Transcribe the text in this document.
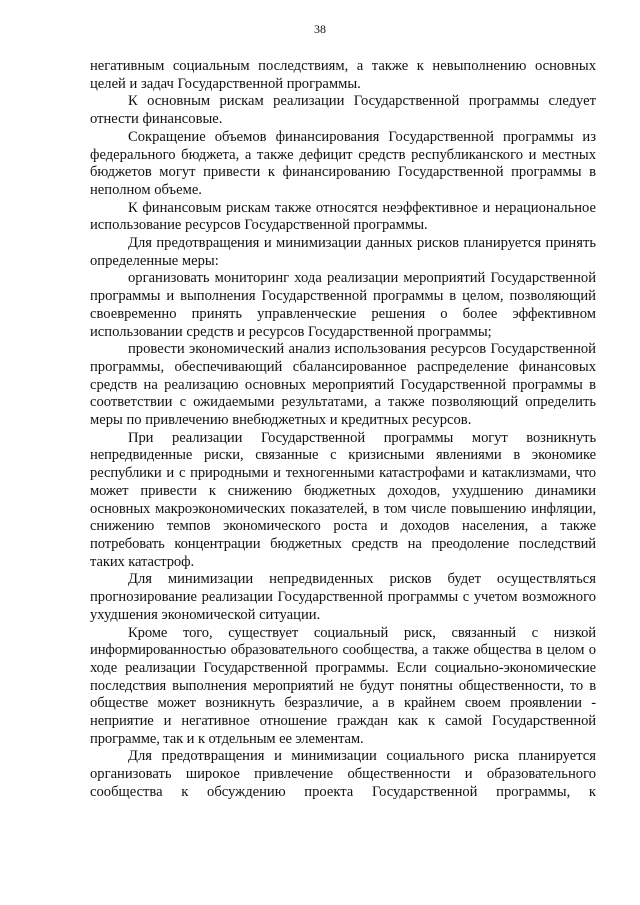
38

негативным социальным последствиям, а также к невыполнению основных целей и задач Государственной программы.

К основным рискам реализации Государственной программы следует отнести финансовые.

Сокращение объемов финансирования Государственной программы из федерального бюджета, а также дефицит средств республиканского и местных бюджетов могут привести к финансированию Государственной программы в неполном объеме.

К финансовым рискам также относятся неэффективное и нерациональное использование ресурсов Государственной программы.

Для предотвращения и минимизации данных рисков планируется принять определенные меры:

организовать мониторинг хода реализации мероприятий Государственной программы и выполнения Государственной программы в целом, позволяющий своевременно принять управленческие решения о более эффективном использовании средств и ресурсов Государственной программы;

провести экономический анализ использования ресурсов Государственной программы, обеспечивающий сбалансированное распределение финансовых средств на реализацию основных мероприятий Государственной программы в соответствии с ожидаемыми результатами, а также позволяющий определить меры по привлечению внебюджетных и кредитных ресурсов.

При реализации Государственной программы могут возникнуть непредвиденные риски, связанные с кризисными явлениями в экономике республики и с природными и техногенными катастрофами и катаклизмами, что может привести к снижению бюджетных доходов, ухудшению динамики основных макроэкономических показателей, в том числе повышению инфляции, снижению темпов экономического роста и доходов населения, а также потребовать концентрации бюджетных средств на преодоление последствий таких катастроф.

Для минимизации непредвиденных рисков будет осуществляться прогнозирование реализации Государственной программы с учетом возможного ухудшения экономической ситуации.

Кроме того, существует социальный риск, связанный с низкой информированностью образовательного сообщества, а также общества в целом о ходе реализации Государственной программы. Если социально-экономические последствия выполнения мероприятий не будут понятны общественности, то в обществе может возникнуть безразличие, а в крайнем своем проявлении - неприятие и негативное отношение граждан как к самой Государственной программе, так и к отдельным ее элементам.

Для предотвращения и минимизации социального риска планируется организовать широкое привлечение общественности и образовательного сообщества к обсуждению проекта Государственной программы, к
